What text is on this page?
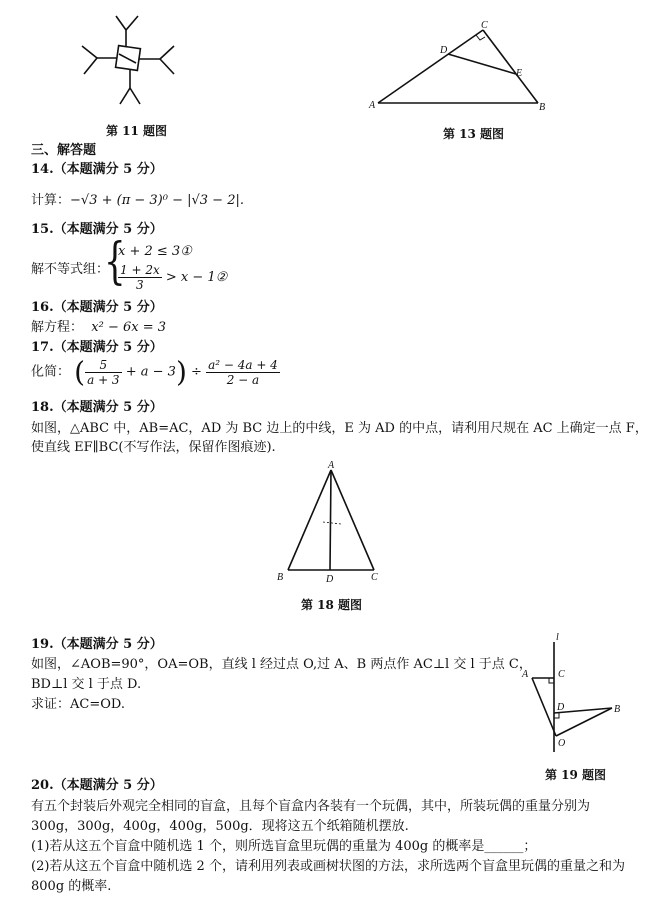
第 11 题图
A	B
C
D
E
第 13 题图
三、解答题
14.（本题满分 5 分）
计算：−√3 + (π − 3)⁰ − |√3 − 2|.
15.（本题满分 5 分）
解不等式组：
{
x + 2 ≤ 3①
$\frac{1 + 2x}{3} > x$ − 1②
16.（本题满分 5 分）
解方程： x² − 6x = 3
17.（本题满分 5 分）
化简： ( $\frac{5}{a + 3} + a - 3) \div \frac{\text{a² − 4a + 4}}{2 - a}$
18.（本题满分 5 分）
如图，△ABC 中，AB=AC，AD 为 BC 边上的中线，E 为 AD 的中点，请利用尺规在 AC 上确定一点 F，
使直线 EF∥BC(不写作法，保留作图痕迹).
A
B	C
D
第 18 题图
19.（本题满分 5 分）
如图，∠AOB=90°，OA=OB，直线 l 经过点 O,过 A、B 两点作 AC⊥l 交 l 于点 C，
BD⊥l 交 l 于点 D.
求证：AC=OD.
l
A
B
C
D
O
第 19 题图
20.（本题满分 5 分）
有五个封装后外观完全相同的盲盒，且每个盲盒内各装有一个玩偶，其中，所装玩偶的重量分别为
300g，300g，400g，400g，500g．现将这五个纸箱随机摆放.
(1)若从这五个盲盒中随机选 1 个，则所选盲盒里玩偶的重量为 400g 的概率是______；
(2)若从这五个盲盒中随机选 2 个，请利用列表或画树状图的方法，求所选两个盲盒里玩偶的重量之和为
800g 的概率.
